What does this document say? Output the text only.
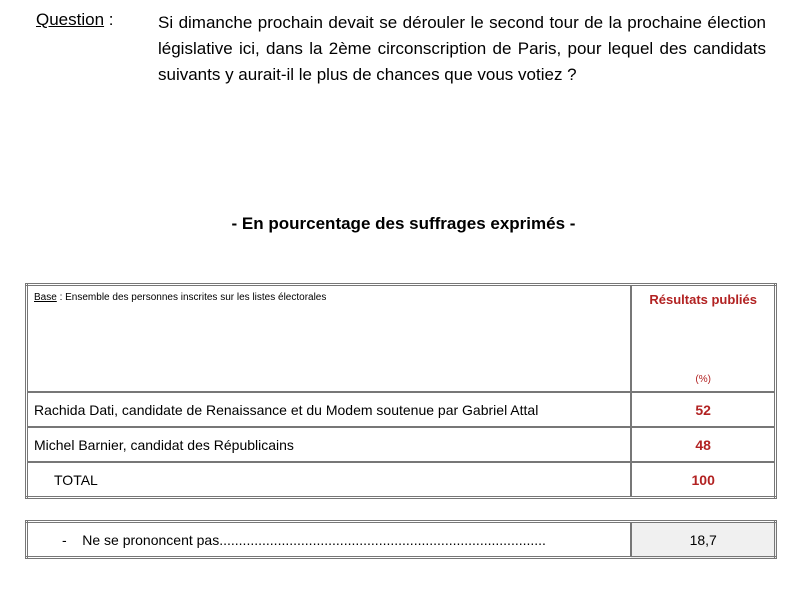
Question :	Si dimanche prochain devait se dérouler le second tour de la prochaine élection législative ici, dans la 2ème circonscription de Paris, pour lequel des candidats suivants y aurait-il le plus de chances que vous votiez ?
- En pourcentage des suffrages exprimés -
Base : Ensemble des personnes inscrites sur les listes électorales	Résultats publiés
(%)

Rachida Dati, candidate de Renaissance et du Modem soutenue par Gabriel Attal	52
Michel Barnier, candidat des Républicains	48
TOTAL	100
- Ne se prononcent pas....................................................................................	18,7
